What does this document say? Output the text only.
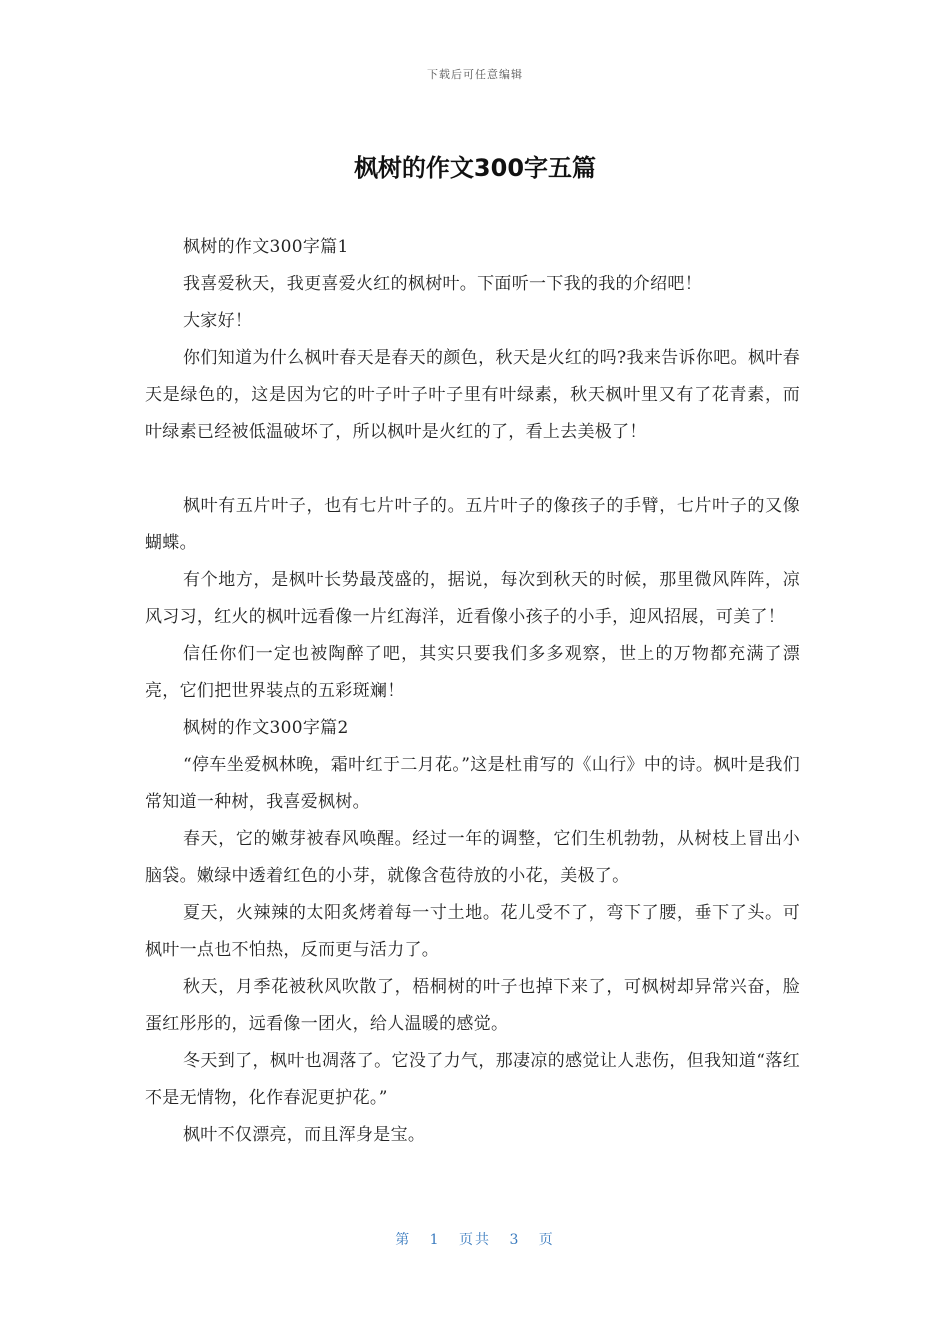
下载后可任意编辑
枫树的作文300字五篇

枫树的作文300字篇1

我喜爱秋天，我更喜爱火红的枫树叶。下面听一下我的我的介绍吧！

大家好！

你们知道为什么枫叶春天是春天的颜色，秋天是火红的吗?我来告诉你吧。枫叶春天是绿色的，这是因为它的叶子叶子叶子里有叶绿素，秋天枫叶里又有了花青素，而叶绿素已经被低温破坏了，所以枫叶是火红的了，看上去美极了！

枫叶有五片叶子，也有七片叶子的。五片叶子的像孩子的手臂，七片叶子的又像蝴蝶。

有个地方，是枫叶长势最茂盛的，据说，每次到秋天的时候，那里微风阵阵，凉风习习，红火的枫叶远看像一片红海洋，近看像小孩子的小手，迎风招展，可美了！

信任你们一定也被陶醉了吧，其实只要我们多多观察，世上的万物都充满了漂亮，它们把世界装点的五彩斑斓！

枫树的作文300字篇2

“停车坐爱枫林晚，霜叶红于二月花。”这是杜甫写的《山行》中的诗。枫叶是我们常知道一种树，我喜爱枫树。

春天，它的嫩芽被春风唤醒。经过一年的调整，它们生机勃勃，从树枝上冒出小脑袋。嫩绿中透着红色的小芽，就像含苞待放的小花，美极了。

夏天，火辣辣的太阳炙烤着每一寸土地。花儿受不了，弯下了腰，垂下了头。可枫叶一点也不怕热，反而更与活力了。

秋天，月季花被秋风吹散了，梧桐树的叶子也掉下来了，可枫树却异常兴奋，脸蛋红彤彤的，远看像一团火，给人温暖的感觉。

冬天到了，枫叶也凋落了。它没了力气，那凄凉的感觉让人悲伤，但我知道“落红不是无情物，化作春泥更护花。”

枫叶不仅漂亮，而且浑身是宝。

第 1 页共 3 页
